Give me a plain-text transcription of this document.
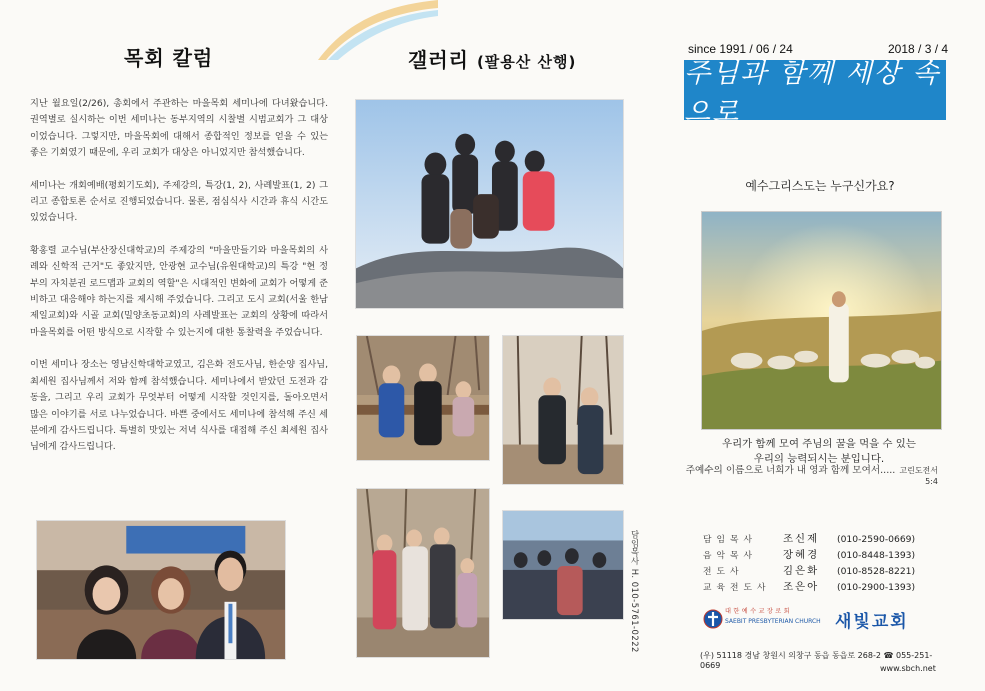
목회 칼럼

지난 월요일(2/26), 총회에서 주관하는 마을목회 세미나에 다녀왔습니다. 권역별로 실시하는 이번 세미나는 동부지역의 시찰별 시범교회가 그 대상이었습니다. 그렇지만, 마을목회에 대해서 종합적인 정보를 얻을 수 있는 좋은 기회였기 때문에, 우리 교회가 대상은 아니었지만 참석했습니다.

세미나는 개회예배(평회기도회), 주제강의, 특강(1, 2), 사례발표(1, 2) 그리고 종합토론 순서로 진행되었습니다. 물론, 점심식사 시간과 휴식 시간도 있었습니다.

황홍렬 교수님(부산장신대학교)의 주제강의 "마을만들기와 마을목회의 사례와 신학적 근거"도 좋았지만, 안광현 교수님(유원대학교)의 특강 "현 정부의 자치분권 로드맵과 교회의 역할"은 시대적인 변화에 교회가 어떻게 준비하고 대응해야 하는지를 제시해 주었습니다. 그리고 도시 교회(서울 한남제일교회)와 시골 교회(밀양초동교회)의 사례발표는 교회의 상황에 따라서 마을목회를 어떤 방식으로 시작할 수 있는지에 대한 통찰력을 주었습니다.

이번 세미나 장소는 영남신학대학교였고, 김은화 전도사님, 한순양 집사님, 최세원 집사님께서 저와 함께 참석했습니다. 세미나에서 받았던 도전과 감동을, 그리고 우리 교회가 무엇부터 어떻게 시작할 것인지를, 돌아오면서 많은 이야기를 서로 나누었습니다. 바쁜 중에서도 세미나에 참석해 주신 세 분에게 감사드립니다. 특별히 맛있는 저녁 식사를 대접해 주신 최세원 집사님에게 감사드립니다.

갤러리 (팔용산 산행)
담임목사 H. 010-5761-0222
since 1991 / 06 / 24	2018 / 3 / 4
주님과 함께 세상 속으로
예수그리스도는 누구신가요?
우리가 함께 모여 주님의 꿀을 먹을 수 있는
우리의 능력되시는 분입니다.
주예수의 이름으로 너희가 내 영과 함께 모여서..... 고린도전서 5:4
담임목사	조신제	(010-2590-0669)
음악목사	장혜경	(010-8448-1393)
전도사	김은화	(010-8528-8221)
교육전도사	조은아	(010-2900-1393)
대한예수교장로회
SAEBIT PRESBYTERIAN CHURCH 새빛교회
(우) 51118 경남 창원시 의창구 동읍 동읍로 268-2 ☎ 055-251-0669	www.sbch.net
